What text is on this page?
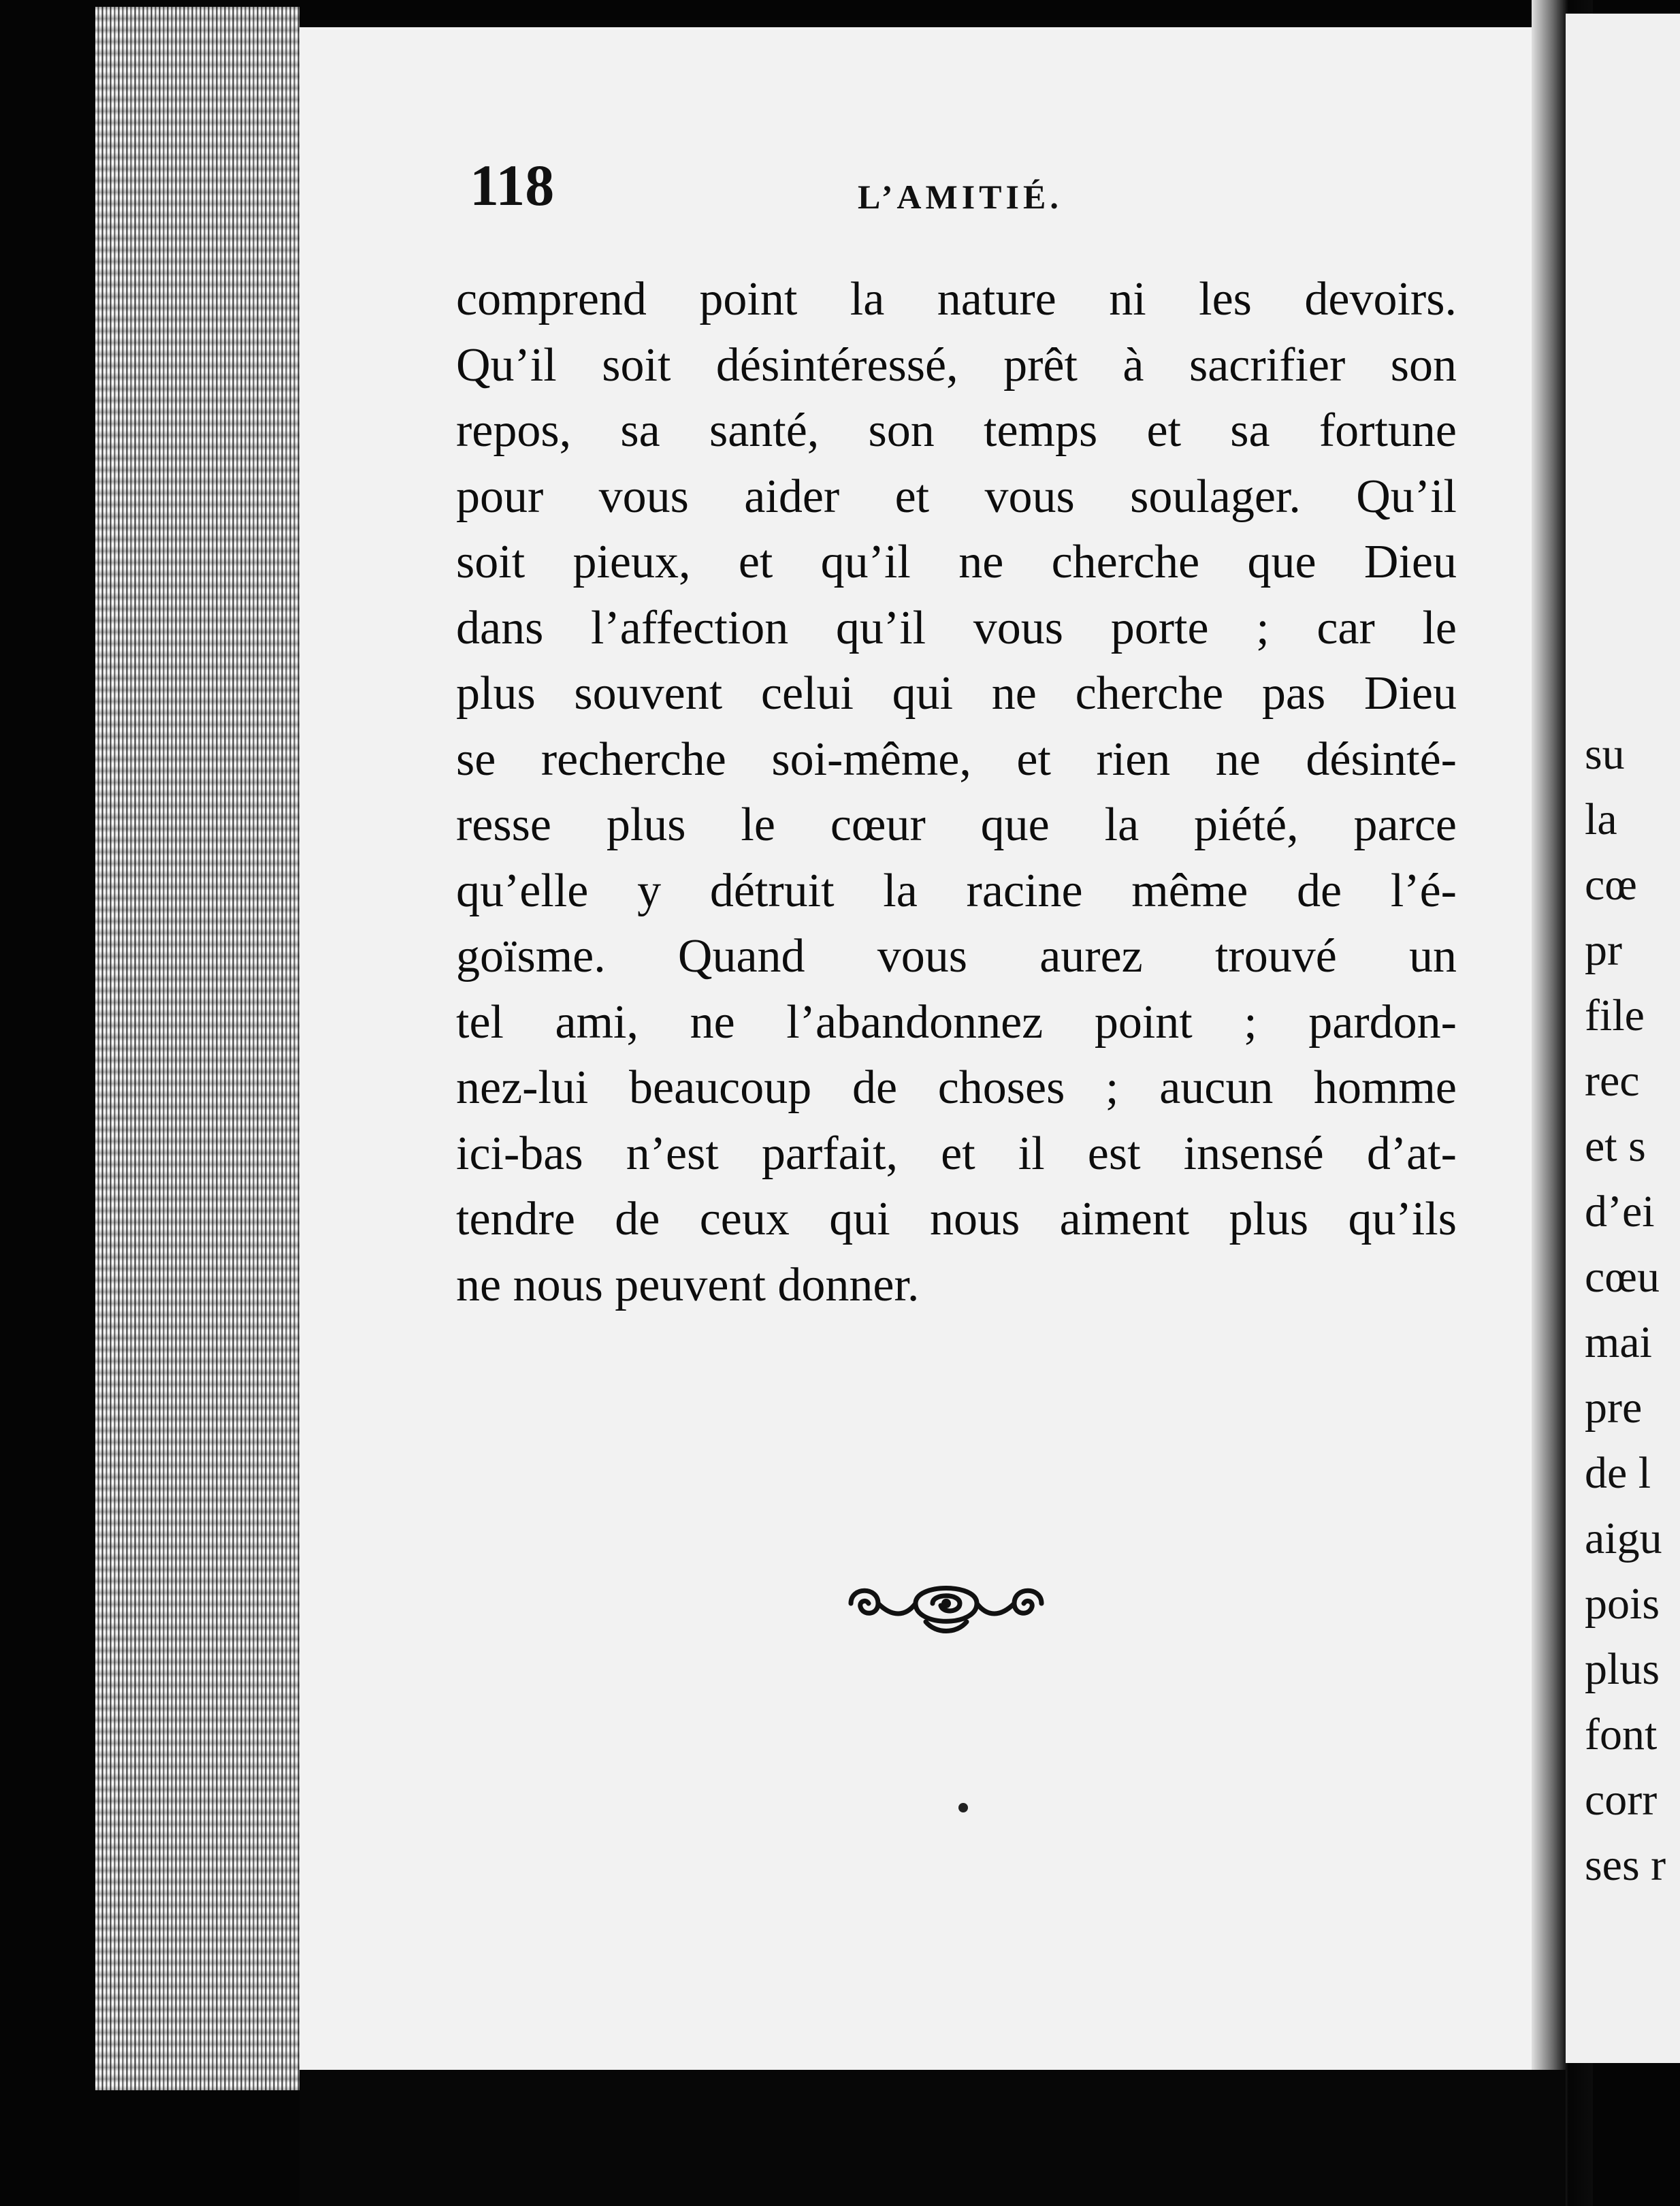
118	L’AMITIÉ.
comprend point la nature ni les devoirs.
Qu’il soit désintéressé, prêt à sacrifier son
repos, sa santé, son temps et sa fortune
pour vous aider et vous soulager. Qu’il
soit pieux, et qu’il ne cherche que Dieu
dans l’affection qu’il vous porte ; car le
plus souvent celui qui ne cherche pas Dieu
se recherche soi-même, et rien ne désinté-
resse plus le cœur que la piété, parce
qu’elle y détruit la racine même de l’é-
goïsme. Quand vous aurez trouvé un
tel ami, ne l’abandonnez point ; pardon-
nez-lui beaucoup de choses ; aucun homme
ici-bas n’est parfait, et il est insensé d’at-
tendre de ceux qui nous aiment plus qu’ils
ne nous peuvent donner.
su
la
cœ
pr
file
rec
et s
d’ei
cœu
mai
pre
de l
aigu
pois
plus
font
corr
ses r
